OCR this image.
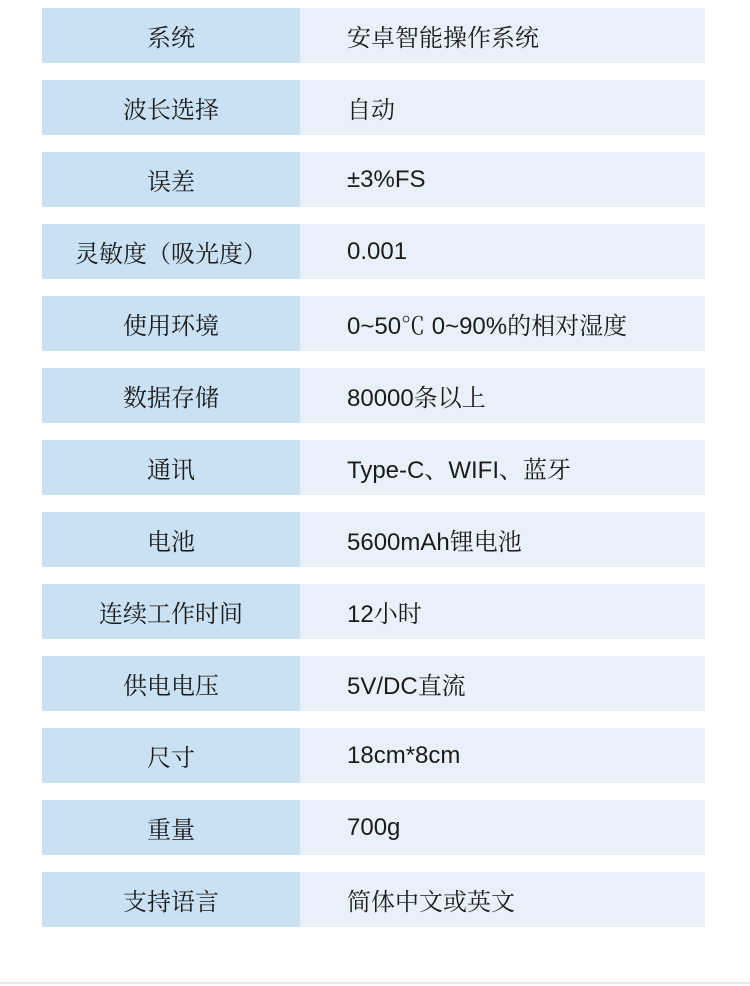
系统	安卓智能操作系统
波长选择	自动
误差	±3%FS
灵敏度（吸光度）	0.001
使用环境	0~50℃ 0~90%的相对湿度
数据存储	80000条以上
通讯	Type-C、WIFI、蓝牙
电池	5600mAh锂电池
连续工作时间	12小时
供电电压	5V/DC直流
尺寸	18cm*8cm
重量	700g
支持语言	简体中文或英文
